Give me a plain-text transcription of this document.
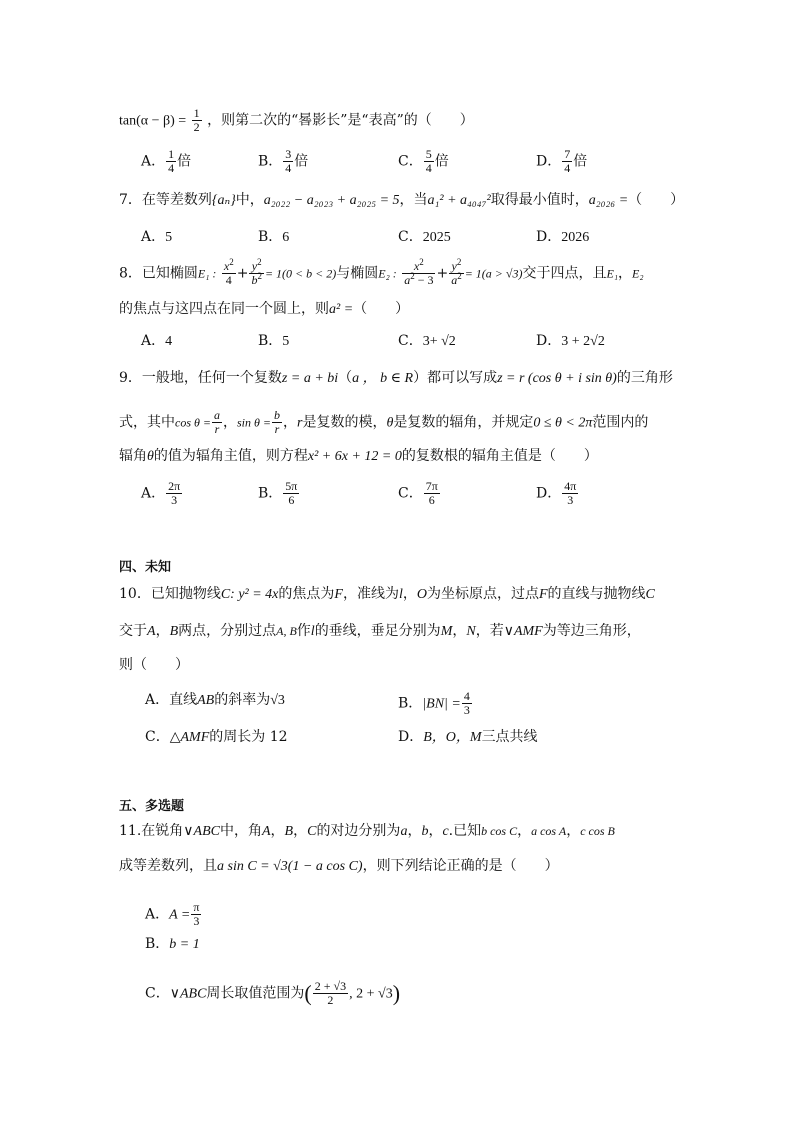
$\tan(\alpha - \beta) = \frac{1}{2}$ ，则第二次的“晷影长”是“表高”的（　　）
A． $\frac{1}{4}$ 倍	B． $\frac{3}{4}$ 倍	C． $\frac{5}{4}$ 倍	D． $\frac{7}{4}$ 倍
7．在等差数列{aₙ}中，a₂₀₂₂ − a₂₀₂₃ + a₂₀₂₅ = 5，当a₁² + a₄₀₄₇²取得最小值时，a₂₀₂₆ =（　　）
A．5	B．6	C．2025	D．2026
8．已知椭圆E₁ : $\frac{x^2}{4} + \frac{y^2}{b^2} = 1(0 < b < 2)$与椭圆E₂ : $\frac{x^2}{a^2 - 3} + \frac{y^2}{a^2} = 1(a > √3)$交于四点，且E₁，E₂
的焦点与这四点在同一个圆上，则a² =（　　）
A．4	B．5	C．3+ √2	D．3 + 2√2
9．一般地，任何一个复数z = a + bi（a ， b ∈ R）都可以写成z = r (cos θ + i sin θ)的三角形
式，其中$\cos \theta = \frac{a}{r}$ ，$\sin \theta = \frac{b}{r}$ ，r是复数的模，θ是复数的辐角，并规定0 ≤ θ < 2π范围内的
辐角θ的值为辐角主值，则方程x² + 6x + 12 = 0的复数根的辐角主值是（　　）
A． $\frac{2\pi}{3}$	B． $\frac{5\pi}{6}$	C． $\frac{7\pi}{6}$	D． $\frac{4\pi}{3}$
四、未知
10．已知抛物线C: y² = 4x的焦点为F，准线为l，O为坐标原点，过点F的直线与抛物线C
交于A，B两点，分别过点A, B作l的垂线，垂足分别为M，N，若∨AMF为等边三角形，
则（　　）
A．直线AB的斜率为√3	B．$|BN| = \frac{4}{3}$
C．△AMF的周长为 12	D．B，O，M三点共线
五、多选题
11.在锐角∨ABC中，角A，B，C的对边分别为a，b，c.已知b cos C，a cos A，c cos B
成等差数列，且a sin C = √3(1 − a cos C)，则下列结论正确的是（　　）
A．$A = \frac{\pi}{3}$
B．b = 1
C．∨ABC周长取值范围为( $\frac{2 + √3}{2}$ , 2 + √3)
